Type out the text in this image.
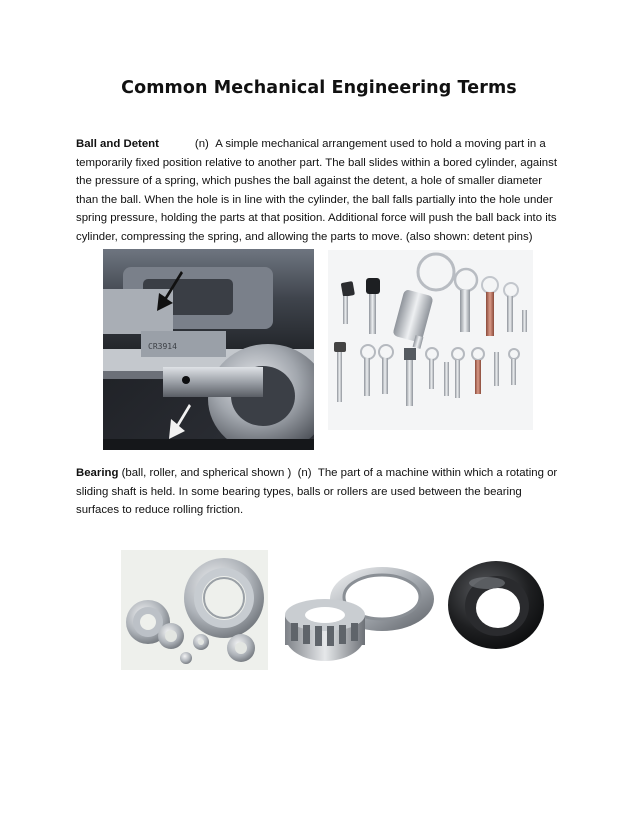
Common Mechanical Engineering Terms
Ball and Detent	(n) A simple mechanical arrangement used to hold a moving part in a temporarily fixed position relative to another part. The ball slides within a bored cylinder, against the pressure of a spring, which pushes the ball against the detent, a hole of smaller diameter than the ball. When the hole is in line with the cylinder, the ball falls partially into the hole under spring pressure, holding the parts at that position. Additional force will push the ball back into its cylinder, compressing the spring, and allowing the parts to move. (also shown: detent pins)
CR3914
Bearing (ball, roller, and spherical shown ) (n) The part of a machine within which a rotating or sliding shaft is held. In some bearing types, balls or rollers are used between the bearing surfaces to reduce rolling friction.
